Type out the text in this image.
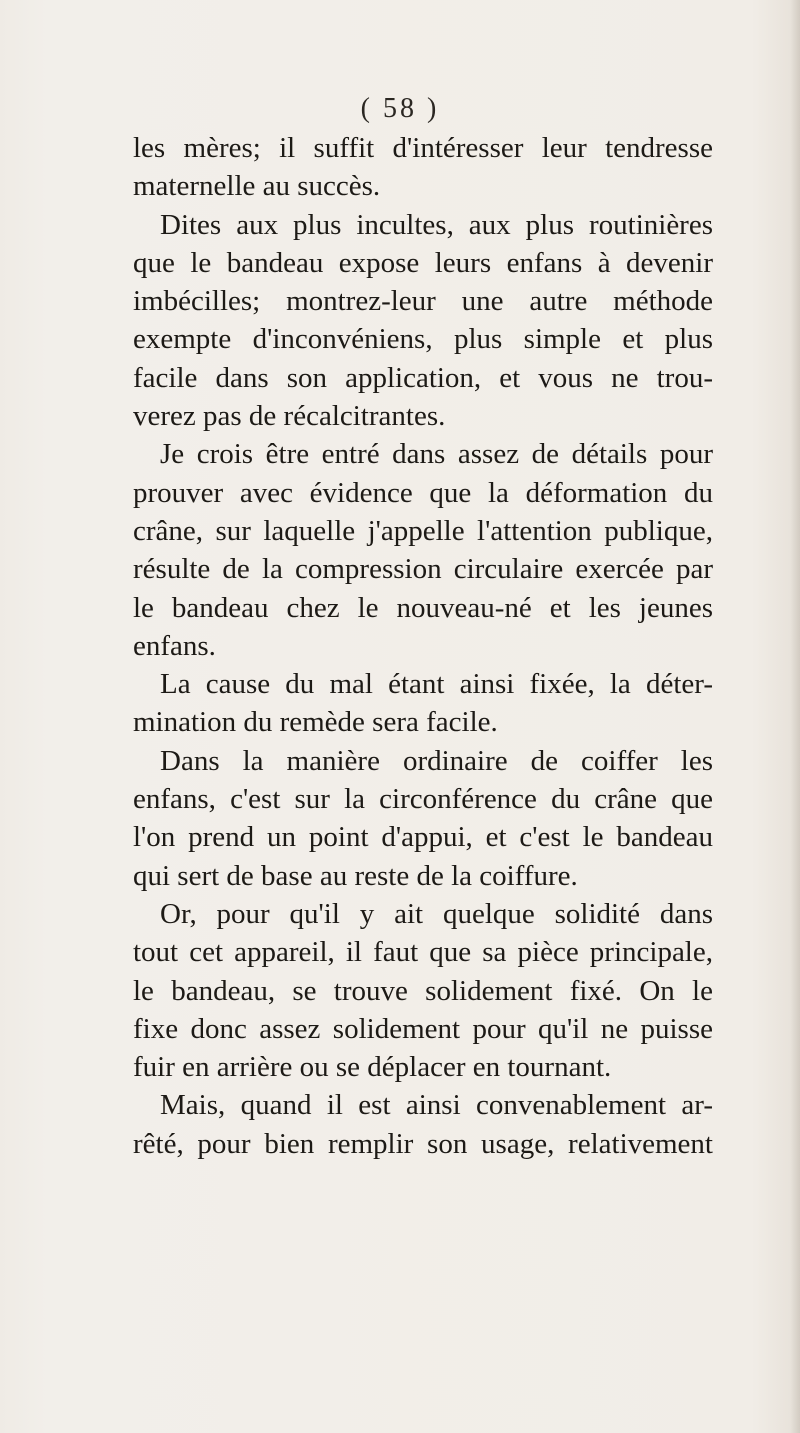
( 58 )
les mères; il suffit d'intéresser leur tendresse
maternelle au succès.
Dites aux plus incultes, aux plus routinières
que le bandeau expose leurs enfans à devenir
imbécilles; montrez-leur une autre méthode
exempte d'inconvéniens, plus simple et plus
facile dans son application, et vous ne trou-
verez pas de récalcitrantes.
Je crois être entré dans assez de détails pour
prouver avec évidence que la déformation du
crâne, sur laquelle j'appelle l'attention publique,
résulte de la compression circulaire exercée par
le bandeau chez le nouveau-né et les jeunes
enfans.
La cause du mal étant ainsi fixée, la déter-
mination du remède sera facile.
Dans la manière ordinaire de coiffer les
enfans, c'est sur la circonférence du crâne que
l'on prend un point d'appui, et c'est le bandeau
qui sert de base au reste de la coiffure.
Or, pour qu'il y ait quelque solidité dans
tout cet appareil, il faut que sa pièce principale,
le bandeau, se trouve solidement fixé. On le
fixe donc assez solidement pour qu'il ne puisse
fuir en arrière ou se déplacer en tournant.
Mais, quand il est ainsi convenablement ar-
rêté, pour bien remplir son usage, relativement
